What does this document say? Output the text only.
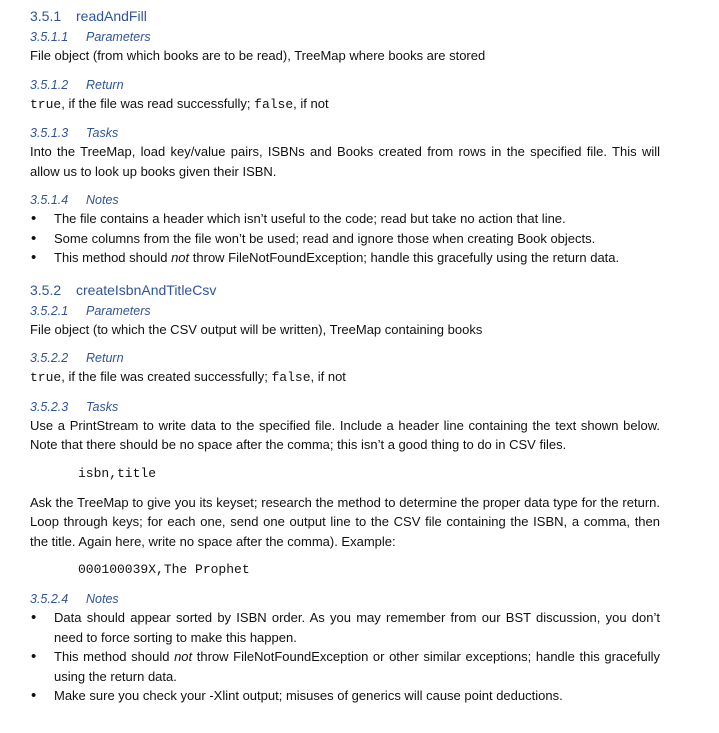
3.5.1 readAndFill
3.5.1.1 Parameters

File object (from which books are to be read), TreeMap where books are stored

3.5.1.2 Return

true, if the file was read successfully; false, if not

3.5.1.3 Tasks

Into the TreeMap, load key/value pairs, ISBNs and Books created from rows in the specified file. This will allow us to look up books given their ISBN.

3.5.1.4 Notes
• The file contains a header which isn’t useful to the code; read but take no action that line.
• Some columns from the file won’t be used; read and ignore those when creating Book objects.
• This method should not throw FileNotFoundException; handle this gracefully using the return data.
3.5.2 createIsbnAndTitleCsv
3.5.2.1 Parameters

File object (to which the CSV output will be written), TreeMap containing books

3.5.2.2 Return

true, if the file was created successfully; false, if not

3.5.2.3 Tasks

Use a PrintStream to write data to the specified file. Include a header line containing the text shown below. Note that there should be no space after the comma; this isn’t a good thing to do in CSV files.

isbn,title

Ask the TreeMap to give you its keyset; research the method to determine the proper data type for the return. Loop through keys; for each one, send one output line to the CSV file containing the ISBN, a comma, then the title. Again here, write no space after the comma). Example:

000100039X,The Prophet
3.5.2.4 Notes
• Data should appear sorted by ISBN order. As you may remember from our BST discussion, you don’t need to force sorting to make this happen.
• This method should not throw FileNotFoundException or other similar exceptions; handle this gracefully using the return data.
• Make sure you check your -Xlint output; misuses of generics will cause point deductions.
